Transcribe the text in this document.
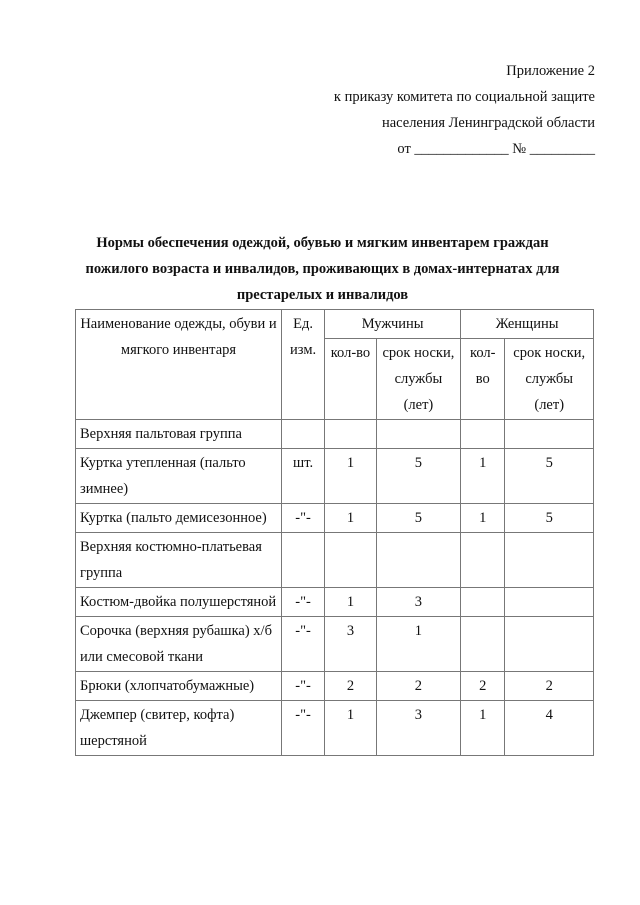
Приложение 2
к приказу комитета по социальной защите
населения Ленинградской области
от _____________ № _________
Нормы обеспечения одеждой, обувью и мягким инвентарем граждан
пожилого возраста и инвалидов, проживающих в домах-интернатах для
престарелых и инвалидов
Наименование одежды, обуви и мягкого инвентаря	Ед. изм.	Мужчины		Женщины	
		кол-во	срок носки, службы (лет)	кол-во	срок носки, службы (лет)
Верхняя пальтовая группа					
Куртка утепленная (пальто зимнее)	шт.	1	5	1	5
Куртка (пальто демисезонное)	-"-	1	5	1	5
Верхняя костюмно-платьевая группа					
Костюм-двойка полушерстяной	-"-	1	3		
Сорочка (верхняя рубашка) х/б или смесовой ткани	-"-	3	1		
Брюки (хлопчатобумажные)	-"-	2	2	2	2
Джемпер (свитер, кофта) шерстяной	-"-	1	3	1	4
